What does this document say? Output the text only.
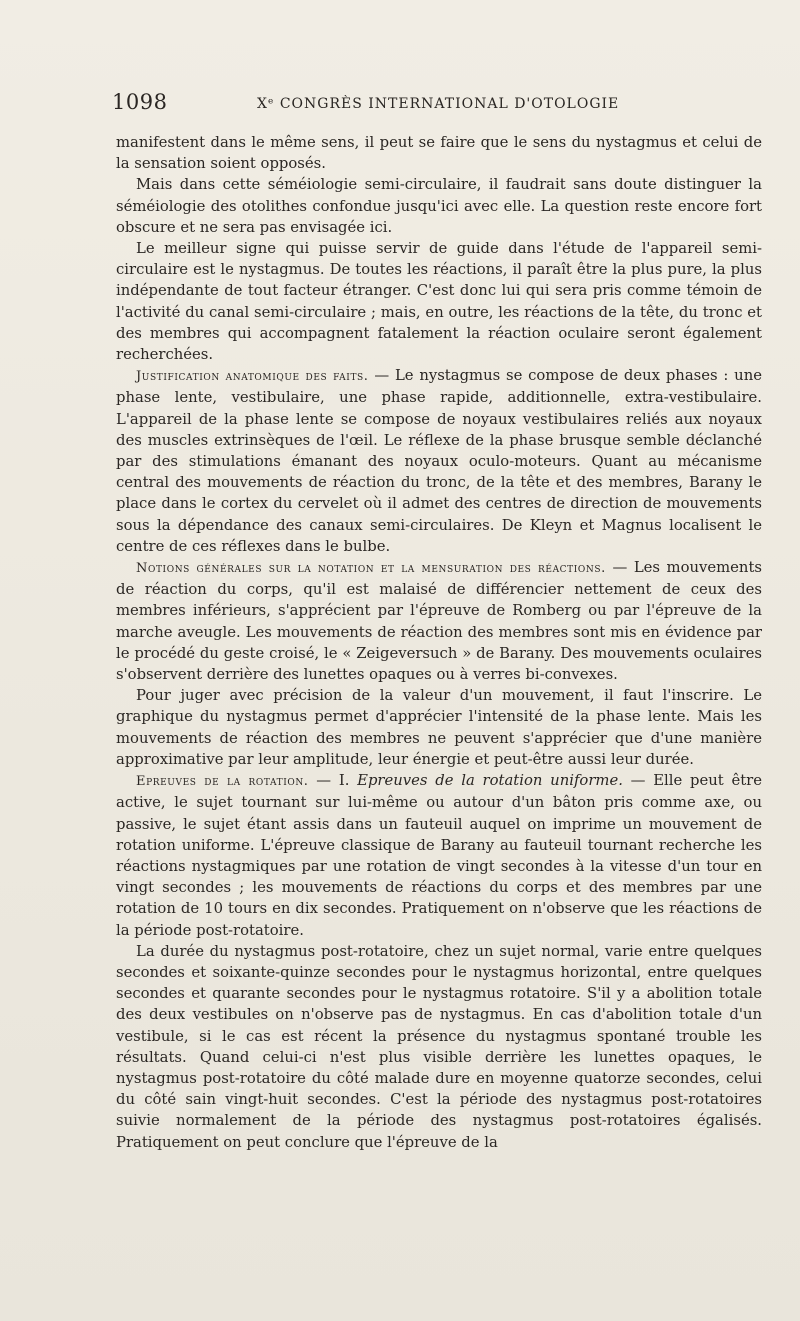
1098	Xᵉ CONGRÈS INTERNATIONAL D'OTOLOGIE

manifestent dans le même sens, il peut se faire que le sens du nystagmus et celui de la sensation soient opposés.

Mais dans cette séméiologie semi-circulaire, il faudrait sans doute distinguer la séméiologie des otolithes confondue jusqu'ici avec elle. La question reste encore fort obscure et ne sera pas envisagée ici.

Le meilleur signe qui puisse servir de guide dans l'étude de l'appareil semi-circulaire est le nystagmus. De toutes les réactions, il paraît être la plus pure, la plus indépendante de tout facteur étranger. C'est donc lui qui sera pris comme témoin de l'activité du canal semi-circulaire ; mais, en outre, les réactions de la tête, du tronc et des membres qui accompagnent fatalement la réaction oculaire seront également recherchées.

Justification anatomique des faits. — Le nystagmus se compose de deux phases : une phase lente, vestibulaire, une phase rapide, additionnelle, extra-vestibulaire. L'appareil de la phase lente se compose de noyaux vestibulaires reliés aux noyaux des muscles extrinsèques de l'œil. Le réflexe de la phase brusque semble déclanché par des stimulations émanant des noyaux oculo-moteurs. Quant au mécanisme central des mouvements de réaction du tronc, de la tête et des membres, Barany le place dans le cortex du cervelet où il admet des centres de direction de mouvements sous la dépendance des canaux semi-circulaires. De Kleyn et Magnus localisent le centre de ces réflexes dans le bulbe.

Notions générales sur la notation et la mensuration des réactions. — Les mouvements de réaction du corps, qu'il est malaisé de différencier nettement de ceux des membres inférieurs, s'apprécient par l'épreuve de Romberg ou par l'épreuve de la marche aveugle. Les mouvements de réaction des membres sont mis en évidence par le procédé du geste croisé, le « Zeigeversuch » de Barany. Des mouvements oculaires s'observent derrière des lunettes opaques ou à verres bi-convexes.

Pour juger avec précision de la valeur d'un mouvement, il faut l'inscrire. Le graphique du nystagmus permet d'apprécier l'intensité de la phase lente. Mais les mouvements de réaction des membres ne peuvent s'apprécier que d'une manière approximative par leur amplitude, leur énergie et peut-être aussi leur durée.

Epreuves de la rotation. — I. Epreuves de la rotation uniforme. — Elle peut être active, le sujet tournant sur lui-même ou autour d'un bâton pris comme axe, ou passive, le sujet étant assis dans un fauteuil auquel on imprime un mouvement de rotation uniforme. L'épreuve classique de Barany au fauteuil tournant recherche les réactions nystagmiques par une rotation de vingt secondes à la vitesse d'un tour en vingt secondes ; les mouvements de réactions du corps et des membres par une rotation de 10 tours en dix secondes. Pratiquement on n'observe que les réactions de la période post-rotatoire.

La durée du nystagmus post-rotatoire, chez un sujet normal, varie entre quelques secondes et soixante-quinze secondes pour le nystagmus horizontal, entre quelques secondes et quarante secondes pour le nystagmus rotatoire. S'il y a abolition totale des deux vestibules on n'observe pas de nystagmus. En cas d'abolition totale d'un vestibule, si le cas est récent la présence du nystagmus spontané trouble les résultats. Quand celui-ci n'est plus visible derrière les lunettes opaques, le nystagmus post-rotatoire du côté malade dure en moyenne quatorze secondes, celui du côté sain vingt-huit secondes. C'est la période des nystagmus post-rotatoires suivie normalement de la période des nystagmus post-rotatoires égalisés. Pratiquement on peut conclure que l'épreuve de la
